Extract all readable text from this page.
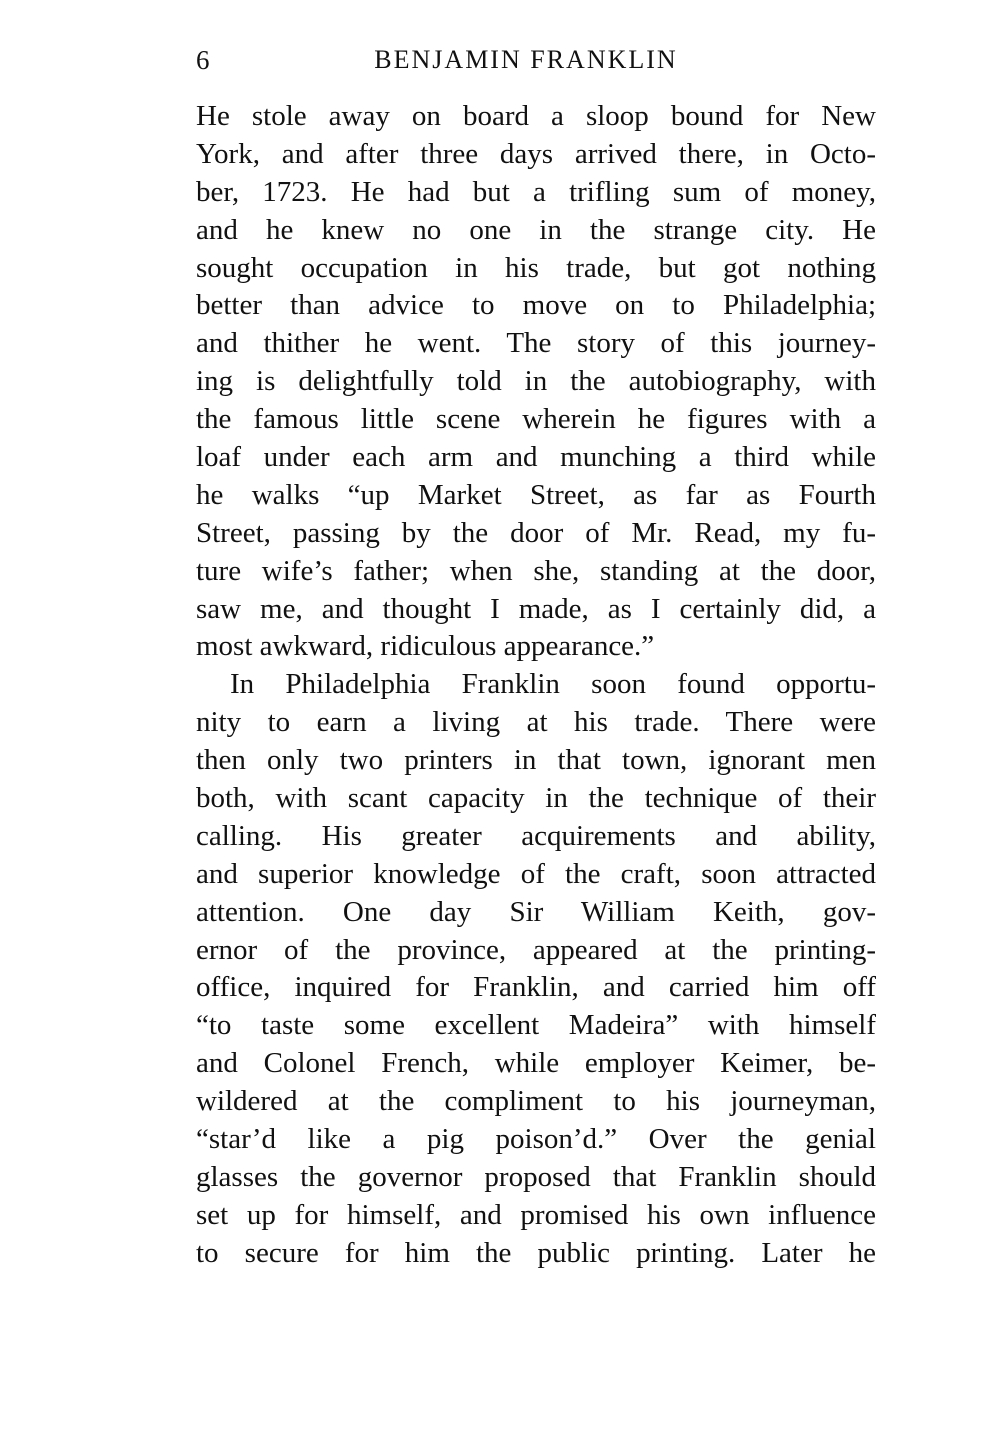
6	BENJAMIN FRANKLIN
He stole away on board a sloop bound for New
York, and after three days arrived there, in Octo-
ber, 1723. He had but a trifling sum of money,
and he knew no one in the strange city. He
sought occupation in his trade, but got nothing
better than advice to move on to Philadelphia;
and thither he went. The story of this journey-
ing is delightfully told in the autobiography, with
the famous little scene wherein he figures with a
loaf under each arm and munching a third while
he walks “up Market Street, as far as Fourth
Street, passing by the door of Mr. Read, my fu-
ture wife’s father; when she, standing at the door,
saw me, and thought I made, as I certainly did, a
most awkward, ridiculous appearance.”
In Philadelphia Franklin soon found opportu-
nity to earn a living at his trade. There were
then only two printers in that town, ignorant men
both, with scant capacity in the technique of their
calling. His greater acquirements and ability,
and superior knowledge of the craft, soon attracted
attention. One day Sir William Keith, gov-
ernor of the province, appeared at the printing-
office, inquired for Franklin, and carried him off
“to taste some excellent Madeira” with himself
and Colonel French, while employer Keimer, be-
wildered at the compliment to his journeyman,
“star’d like a pig poison’d.” Over the genial
glasses the governor proposed that Franklin should
set up for himself, and promised his own influence
to secure for him the public printing. Later he
